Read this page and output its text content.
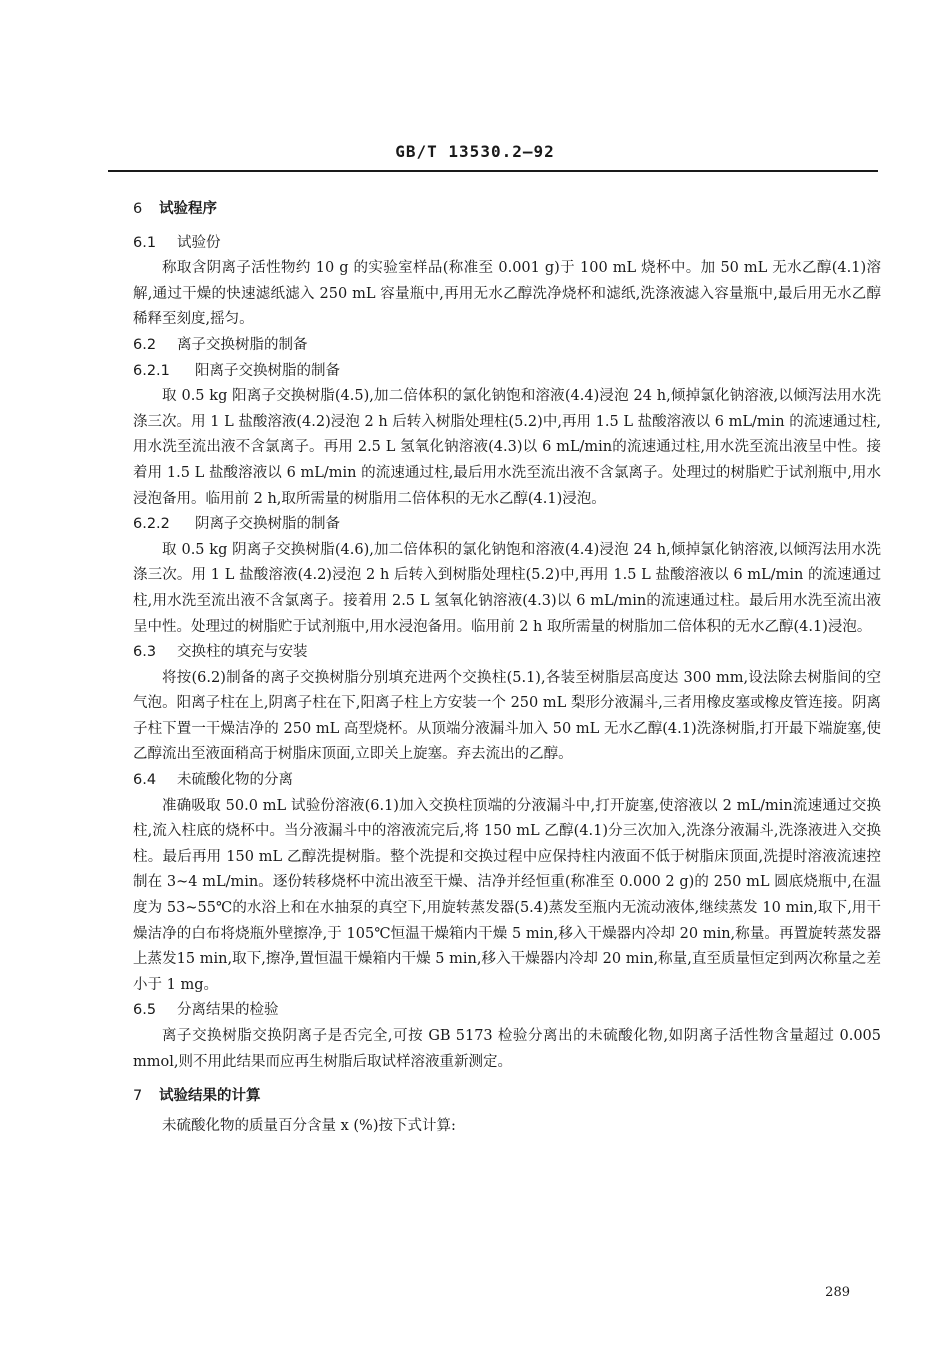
GB/T 13530.2—92
6 试验程序
6.1 试验份

称取含阴离子活性物约 10 g 的实验室样品(称准至 0.001 g)于 100 mL 烧杯中。加 50 mL 无水乙醇(4.1)溶解,通过干燥的快速滤纸滤入 250 mL 容量瓶中,再用无水乙醇洗净烧杯和滤纸,洗涤液滤入容量瓶中,最后用无水乙醇稀释至刻度,摇匀。

6.2 离子交换树脂的制备
6.2.1 阳离子交换树脂的制备

取 0.5 kg 阳离子交换树脂(4.5),加二倍体积的氯化钠饱和溶液(4.4)浸泡 24 h,倾掉氯化钠溶液,以倾泻法用水洗涤三次。用 1 L 盐酸溶液(4.2)浸泡 2 h 后转入树脂处理柱(5.2)中,再用 1.5 L 盐酸溶液以 6 mL/min 的流速通过柱,用水洗至流出液不含氯离子。再用 2.5 L 氢氧化钠溶液(4.3)以 6 mL/min的流速通过柱,用水洗至流出液呈中性。接着用 1.5 L 盐酸溶液以 6 mL/min 的流速通过柱,最后用水洗至流出液不含氯离子。处理过的树脂贮于试剂瓶中,用水浸泡备用。临用前 2 h,取所需量的树脂用二倍体积的无水乙醇(4.1)浸泡。

6.2.2 阴离子交换树脂的制备

取 0.5 kg 阴离子交换树脂(4.6),加二倍体积的氯化钠饱和溶液(4.4)浸泡 24 h,倾掉氯化钠溶液,以倾泻法用水洗涤三次。用 1 L 盐酸溶液(4.2)浸泡 2 h 后转入到树脂处理柱(5.2)中,再用 1.5 L 盐酸溶液以 6 mL/min 的流速通过柱,用水洗至流出液不含氯离子。接着用 2.5 L 氢氧化钠溶液(4.3)以 6 mL/min的流速通过柱。最后用水洗至流出液呈中性。处理过的树脂贮于试剂瓶中,用水浸泡备用。临用前 2 h 取所需量的树脂加二倍体积的无水乙醇(4.1)浸泡。

6.3 交换柱的填充与安装

将按(6.2)制备的离子交换树脂分别填充进两个交换柱(5.1),各装至树脂层高度达 300 mm,设法除去树脂间的空气泡。阳离子柱在上,阴离子柱在下,阳离子柱上方安装一个 250 mL 梨形分液漏斗,三者用橡皮塞或橡皮管连接。阴离子柱下置一干燥洁净的 250 mL 高型烧杯。从顶端分液漏斗加入 50 mL 无水乙醇(4.1)洗涤树脂,打开最下端旋塞,使乙醇流出至液面稍高于树脂床顶面,立即关上旋塞。弃去流出的乙醇。

6.4 未硫酸化物的分离

准确吸取 50.0 mL 试验份溶液(6.1)加入交换柱顶端的分液漏斗中,打开旋塞,使溶液以 2 mL/min流速通过交换柱,流入柱底的烧杯中。当分液漏斗中的溶液流完后,将 150 mL 乙醇(4.1)分三次加入,洗涤分液漏斗,洗涤液进入交换柱。最后再用 150 mL 乙醇洗提树脂。整个洗提和交换过程中应保持柱内液面不低于树脂床顶面,洗提时溶液流速控制在 3~4 mL/min。逐份转移烧杯中流出液至干燥、洁净并经恒重(称准至 0.000 2 g)的 250 mL 圆底烧瓶中,在温度为 53~55℃的水浴上和在水抽泵的真空下,用旋转蒸发器(5.4)蒸发至瓶内无流动液体,继续蒸发 10 min,取下,用干燥洁净的白布将烧瓶外壁擦净,于 105℃恒温干燥箱内干燥 5 min,移入干燥器内冷却 20 min,称量。再置旋转蒸发器上蒸发15 min,取下,擦净,置恒温干燥箱内干燥 5 min,移入干燥器内冷却 20 min,称量,直至质量恒定到两次称量之差小于 1 mg。

6.5 分离结果的检验

离子交换树脂交换阴离子是否完全,可按 GB 5173 检验分离出的未硫酸化物,如阴离子活性物含量超过 0.005 mmol,则不用此结果而应再生树脂后取试样溶液重新测定。

7 试验结果的计算

未硫酸化物的质量百分含量 x (%)按下式计算:

289
